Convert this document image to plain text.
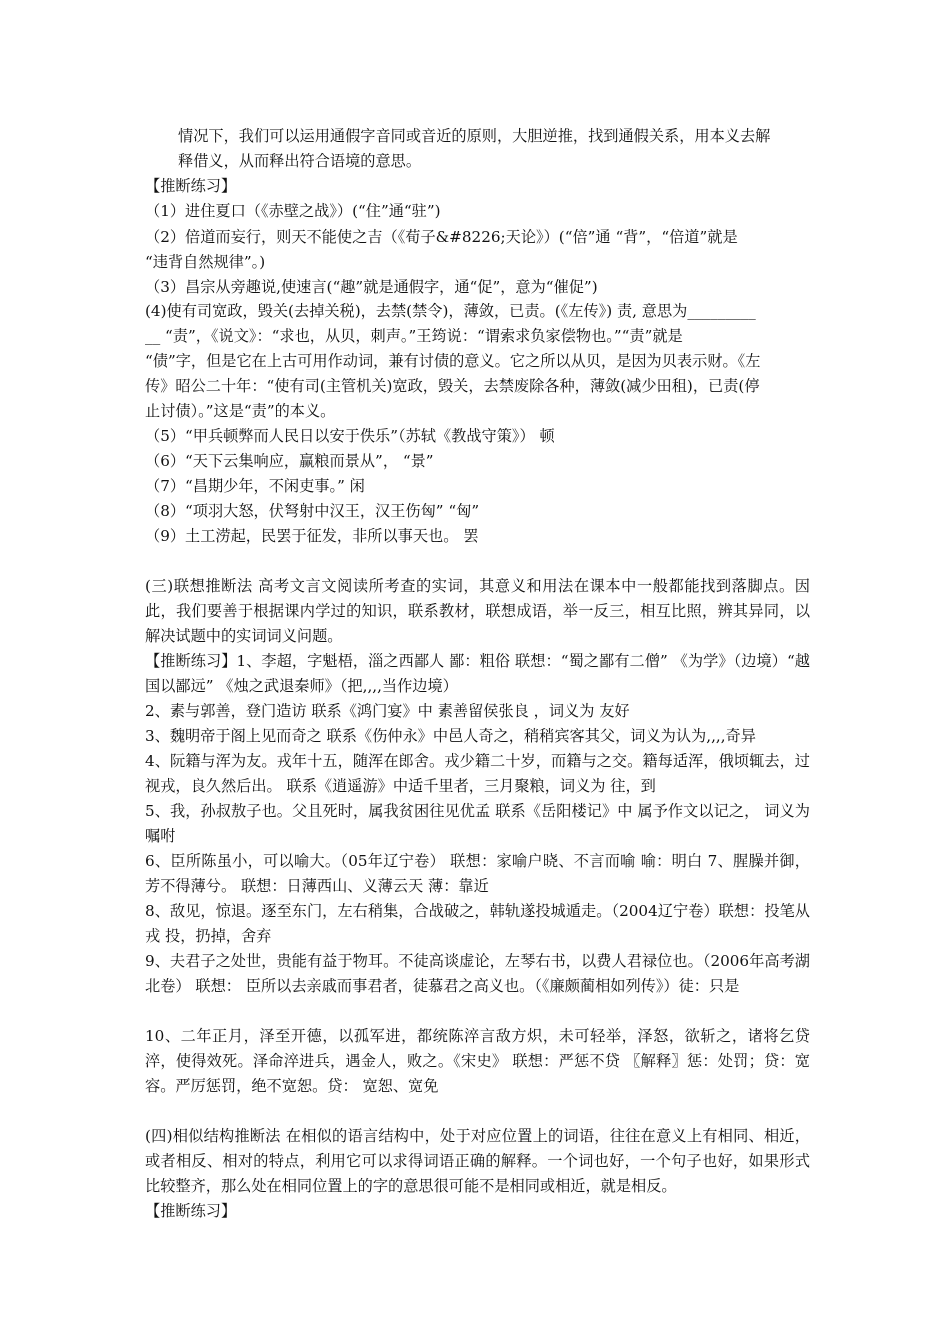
情况下，我们可以运用通假字音同或音近的原则，大胆逆推，找到通假关系，用本义去解
释借义，从而释出符合语境的意思。
【推断练习】
（1）进住夏口（《赤壁之战》）(“住”通“驻”)
（2）倍道而妄行，则天不能使之吉（《荀子&#8226;天论》）(“倍”通 “背”，“倍道”就是
“违背自然规律”。)
（3）昌宗从旁趣说,使速言(“趣”就是通假字，通“促”，意为“催促”)
(4)使有司宽政，毁关(去掉关税)，去禁(禁令)，薄敛，已责。(《左传》) 责, 意思为_________
__ “责”，《说文》：“求也，从贝，刺声。”王筠说：“谓索求负家偿物也。”“责”就是
“债”字，但是它在上古可用作动词，兼有讨债的意义。它之所以从贝，是因为贝表示财。《左
传》昭公二十年：“使有司(主管机关)宽政，毁关，去禁废除各种，薄敛(减少田租)，已责(停
止讨债）。”这是“责”的本义。
（5）“甲兵顿弊而人民日以安于佚乐”（苏轼《教战守策》） 顿
（6）“天下云集响应，赢粮而景从”， “景”
（7）“昌期少年，不闲吏事。” 闲
（8）“项羽大怒，伏弩射中汉王，汉王伤匈” “匈”
（9）土工涝起，民罢于征发，非所以事天也。 罢
(三)联想推断法 高考文言文阅读所考查的实词，其意义和用法在课本中一般都能找到落脚点。因此，我们要善于根据课内学过的知识，联系教材，联想成语，举一反三，相互比照，辨其异同，以解决试题中的实词词义问题。
【推断练习】1、李超，字魁梧，淄之西鄙人 鄙：粗俗 联想：“蜀之鄙有二僧” 《为学》（边境）“越国以鄙远” 《烛之武退秦师》（把,,,,当作边境）
2、素与郭善，登门造访 联系《鸿门宴》中 素善留侯张良 ，词义为 友好
3、魏明帝于阁上见而奇之 联系《伤仲永》中邑人奇之，稍稍宾客其父，词义为认为,,,,奇异
4、阮籍与浑为友。戎年十五，随浑在郎舍。戎少籍二十岁，而籍与之交。籍每适浑，俄顷辄去，过视戎，良久然后出。 联系《逍遥游》中适千里者，三月聚粮，词义为 往，到
5、我，孙叔敖子也。父且死时，属我贫困往见优孟 联系《岳阳楼记》中 属予作文以记之， 词义为 嘱咐
6、臣所陈虽小，可以喻大。（05年辽宁卷） 联想：家喻户晓、不言而喻 喻：明白 7、腥臊并御，芳不得薄兮。 联想：日薄西山、义薄云天 薄：靠近
8、敌见，惊退。逐至东门，左右稍集，合战破之，韩轨遂投城遁走。（2004辽宁卷）联想：投笔从戎 投，扔掉，舍弃
9、夫君子之处世，贵能有益于物耳。不徒高谈虚论，左琴右书，以费人君禄位也。（2006年高考湖北卷） 联想： 臣所以去亲戚而事君者，徒慕君之高义也。（《廉颇蔺相如列传》）徒：只是
10、二年正月，泽至开德，以孤军进，都统陈淬言敌方炽，未可轻举，泽怒，欲斩之，诸将乞贷淬，使得效死。泽命淬进兵，遇金人，败之。《宋史》 联想：严惩不贷 〖解释〗惩：处罚；贷：宽容。严厉惩罚，绝不宽恕。贷： 宽恕、宽免
(四)相似结构推断法 在相似的语言结构中，处于对应位置上的词语，往往在意义上有相同、相近，或者相反、相对的特点，利用它可以求得词语正确的解释。一个词也好，一个句子也好，如果形式比较整齐，那么处在相同位置上的字的意思很可能不是相同或相近，就是相反。
【推断练习】
